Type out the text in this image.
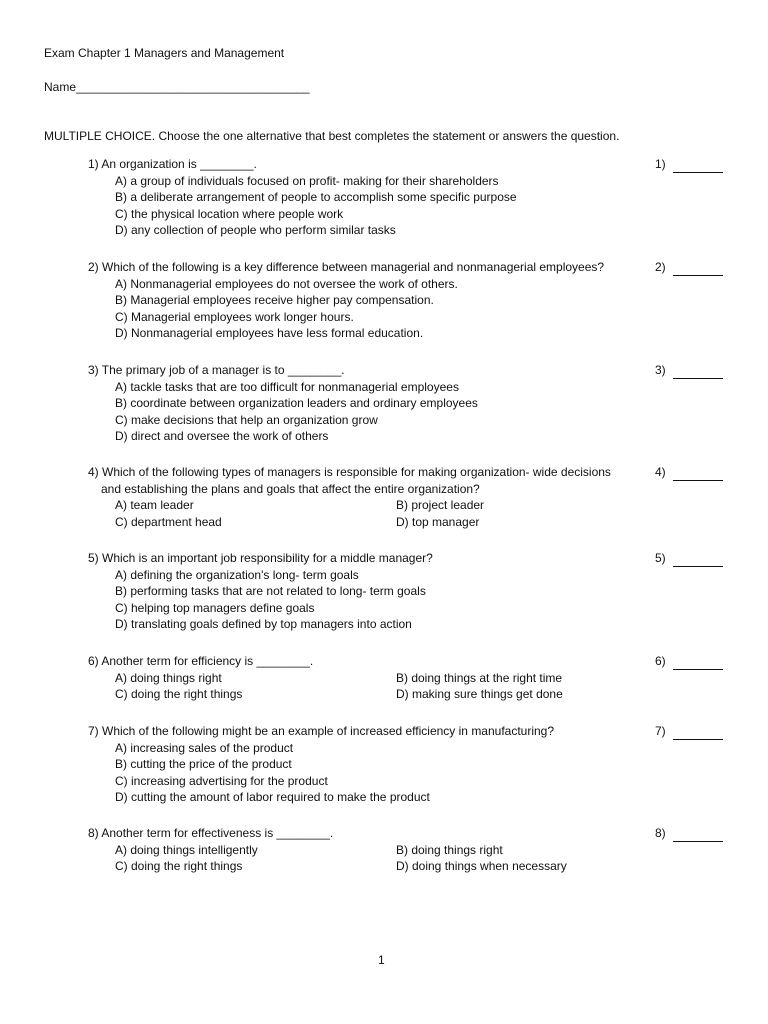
Exam Chapter 1 Managers and Management
Name___________________________________
MULTIPLE CHOICE. Choose the one alternative that best completes the statement or answers the question.
1) An organization is ________.	1)
A) a group of individuals focused on profit- making for their shareholders
B) a deliberate arrangement of people to accomplish some specific purpose
C) the physical location where people work
D) any collection of people who perform similar tasks
2) Which of the following is a key difference between managerial and nonmanagerial employees?	2)
A) Nonmanagerial employees do not oversee the work of others.
B) Managerial employees receive higher pay compensation.
C) Managerial employees work longer hours.
D) Nonmanagerial employees have less formal education.
3) The primary job of a manager is to ________.	3)
A) tackle tasks that are too difficult for nonmanagerial employees
B) coordinate between organization leaders and ordinary employees
C) make decisions that help an organization grow
D) direct and oversee the work of others
4) Which of the following types of managers is responsible for making organization- wide decisions	4)
and establishing the plans and goals that affect the entire organization?
A) team leader	B) project leader
C) department head	D) top manager
5) Which is an important job responsibility for a middle manager?	5)
A) defining the organization's long- term goals
B) performing tasks that are not related to long- term goals
C) helping top managers define goals
D) translating goals defined by top managers into action
6) Another term for efficiency is ________.	6)
A) doing things right	B) doing things at the right time
C) doing the right things	D) making sure things get done
7) Which of the following might be an example of increased efficiency in manufacturing?	7)
A) increasing sales of the product
B) cutting the price of the product
C) increasing advertising for the product
D) cutting the amount of labor required to make the product
8) Another term for effectiveness is ________.	8)
A) doing things intelligently	B) doing things right
C) doing the right things	D) doing things when necessary
1
